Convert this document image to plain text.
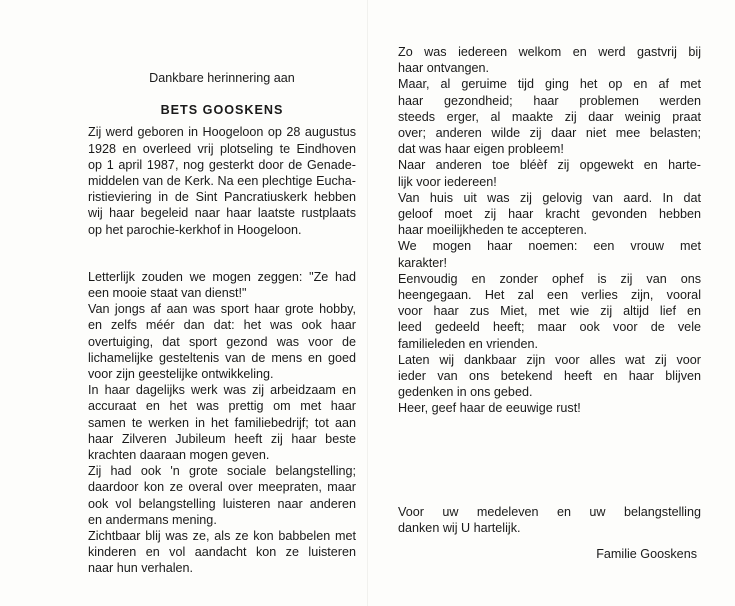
Dankbare herinnering aan
BETS GOOSKENS
Zij werd geboren in Hoogeloon op 28 augustus
1928 en overleed vrij plotseling te Eindhoven
op 1 april 1987, nog gesterkt door de Genade-
middelen van de Kerk. Na een plechtige Eucha-
ristieviering in de Sint Pancratiuskerk hebben
wij haar begeleid naar haar laatste rustplaats
op het parochie-kerkhof in Hoogeloon.
Letterlijk zouden we mogen zeggen: "Ze had
een mooie staat van dienst!"
Van jongs af aan was sport haar grote hobby,
en zelfs méér dan dat: het was ook haar
overtuiging, dat sport gezond was voor de
lichamelijke gesteltenis van de mens en goed
voor zijn geestelijke ontwikkeling.
In haar dagelijks werk was zij arbeidzaam en
accuraat en het was prettig om met haar
samen te werken in het familiebedrijf; tot aan
haar Zilveren Jubileum heeft zij haar beste
krachten daaraan mogen geven.
Zij had ook 'n grote sociale belangstelling;
daardoor kon ze overal over meepraten, maar
ook vol belangstelling luisteren naar anderen
en andermans mening.
Zichtbaar blij was ze, als ze kon babbelen met
kinderen en vol aandacht kon ze luisteren
naar hun verhalen.
Zo was iedereen welkom en werd gastvrij bij
haar ontvangen.
Maar, al geruime tijd ging het op en af met
haar gezondheid; haar problemen werden
steeds erger, al maakte zij daar weinig praat
over; anderen wilde zij daar niet mee belasten;
dat was haar eigen probleem!
Naar anderen toe bléèf zij opgewekt en harte-
lijk voor iedereen!
Van huis uit was zij gelovig van aard. In dat
geloof moet zij haar kracht gevonden hebben
haar moeilijkheden te accepteren.
We mogen haar noemen: een vrouw met
karakter!
Eenvoudig en zonder ophef is zij van ons
heengegaan. Het zal een verlies zijn, vooral
voor haar zus Miet, met wie zij altijd lief en
leed gedeeld heeft; maar ook voor de vele
familieleden en vrienden.
Laten wij dankbaar zijn voor alles wat zij voor
ieder van ons betekend heeft en haar blijven
gedenken in ons gebed.
Heer, geef haar de eeuwige rust!
Voor uw medeleven en uw belangstelling
danken wij U hartelijk.
Familie Gooskens
